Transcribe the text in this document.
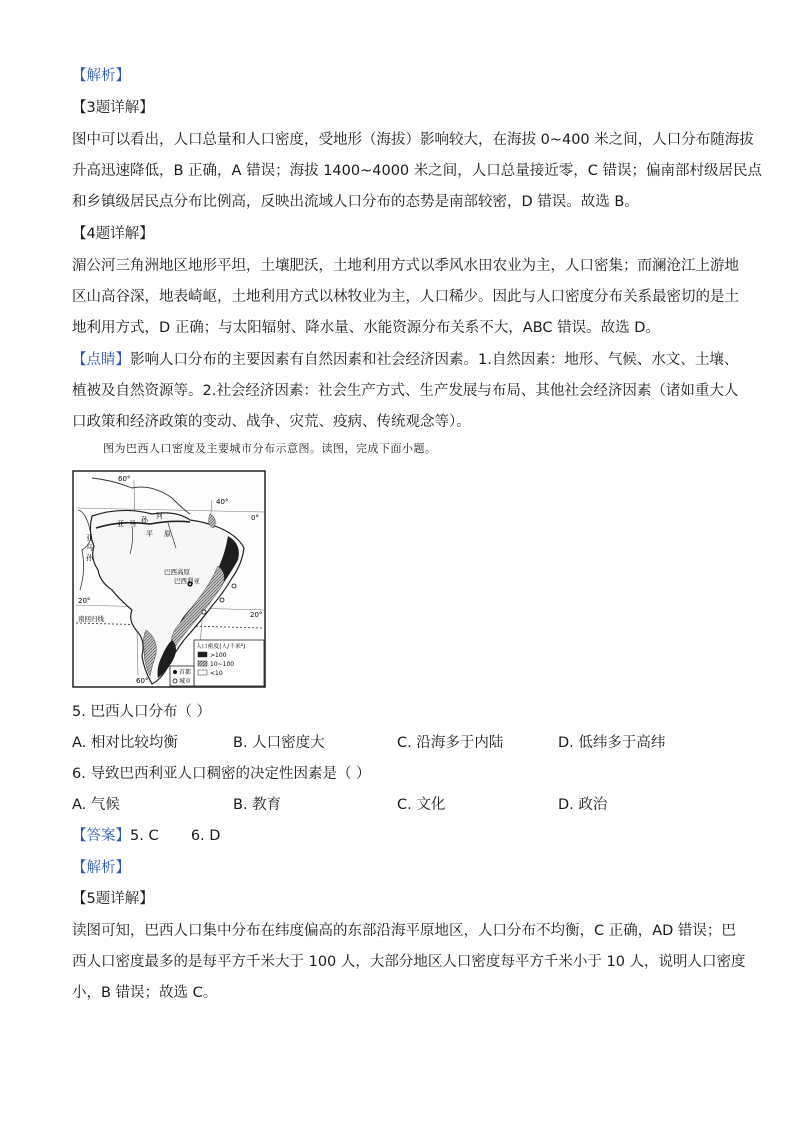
【解析】
【3题详解】
图中可以看出，人口总量和人口密度，受地形（海拔）影响较大，在海拔 0~400 米之间，人口分布随海拔
升高迅速降低，B 正确，A 错误；海拔 1400~4000 米之间，人口总量接近零，C 错误；偏南部村级居民点
和乡镇级居民点分布比例高，反映出流域人口分布的态势是南部较密，D 错误。故选 B。
【4题详解】
湄公河三角洲地区地形平坦，土壤肥沃，土地利用方式以季风水田农业为主，人口密集；而澜沧江上游地
区山高谷深，地表崎岖，土地利用方式以林牧业为主，人口稀少。因此与人口密度分布关系最密切的是土
地利用方式，D 正确；与太阳辐射、降水量、水能资源分布关系不大，ABC 错误。故选 D。
【点睛】影响人口分布的主要因素有自然因素和社会经济因素。1.自然因素：地形、气候、水文、土壤、
植被及自然资源等。2.社会经济因素：社会生产方式、生产发展与布局、其他社会经济因素（诸如重大人
口政策和经济政策的变动、战争、灾荒、疫病、传统观念等）。
图为巴西人口密度及主要城市分布示意图。读图，完成下面小题。
60°
40°
0°
20°
20°
60°
南回归线
亚 马 孙 河
亚
马
孙
平 原
巴西高原
巴西利亚
人口密度(人/千米²)
>100
10~100
<10
首都
城市
5. 巴西人口分布（ ）
A. 相对比较均衡	B. 人口密度大	C. 沿海多于内陆	D. 低纬多于高纬
6. 导致巴西利亚人口稠密的决定性因素是（ ）
A. 气候	B. 教育	C. 文化	D. 政治
【答案】5. C       6. D
【解析】
【5题详解】
读图可知，巴西人口集中分布在纬度偏高的东部沿海平原地区，人口分布不均衡，C 正确，AD 错误；巴
西人口密度最多的是每平方千米大于 100 人，大部分地区人口密度每平方千米小于 10 人，说明人口密度
小，B 错误；故选 C。
